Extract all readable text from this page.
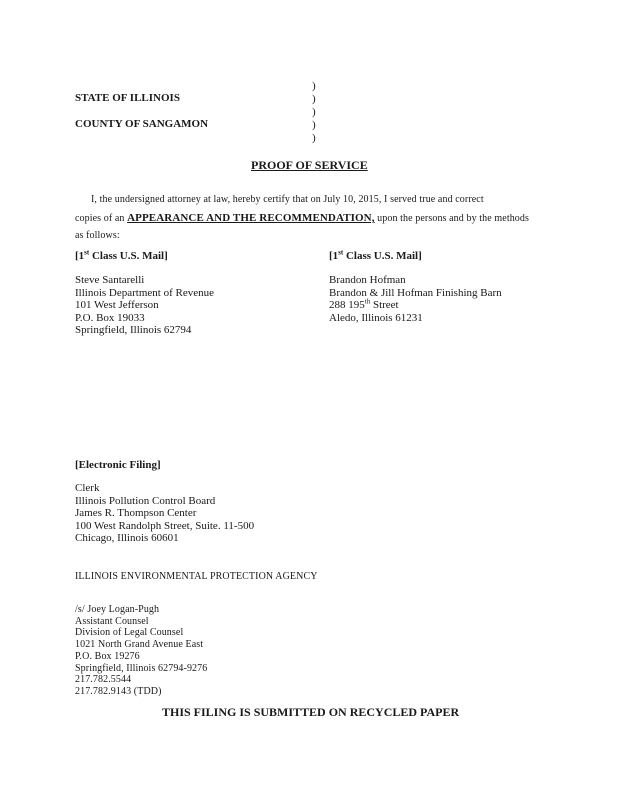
)
)
)
)
)
STATE OF ILLINOIS
COUNTY OF SANGAMON
PROOF OF SERVICE
I, the undersigned attorney at law, hereby certify that on July 10, 2015, I served true and correct
copies of an APPEARANCE AND THE RECOMMENDATION, upon the persons and by the methods
as follows:
[1st Class U.S. Mail]
Steve Santarelli
Illinois Department of Revenue
101 West Jefferson
P.O. Box 19033
Springfield, Illinois 62794
[1st Class U.S. Mail]
Brandon Hofman
Brandon & Jill Hofman Finishing Barn
288 195th Street
Aledo, Illinois 61231
[Electronic Filing]
Clerk
Illinois Pollution Control Board
James R. Thompson Center
100 West Randolph Street, Suite. 11-500
Chicago, Illinois 60601
ILLINOIS ENVIRONMENTAL PROTECTION AGENCY
/s/ Joey Logan-Pugh
Assistant Counsel
Division of Legal Counsel
1021 North Grand Avenue East
P.O. Box 19276
Springfield, Illinois 62794-9276
217.782.5544
217.782.9143 (TDD)
THIS FILING IS SUBMITTED ON RECYCLED PAPER
